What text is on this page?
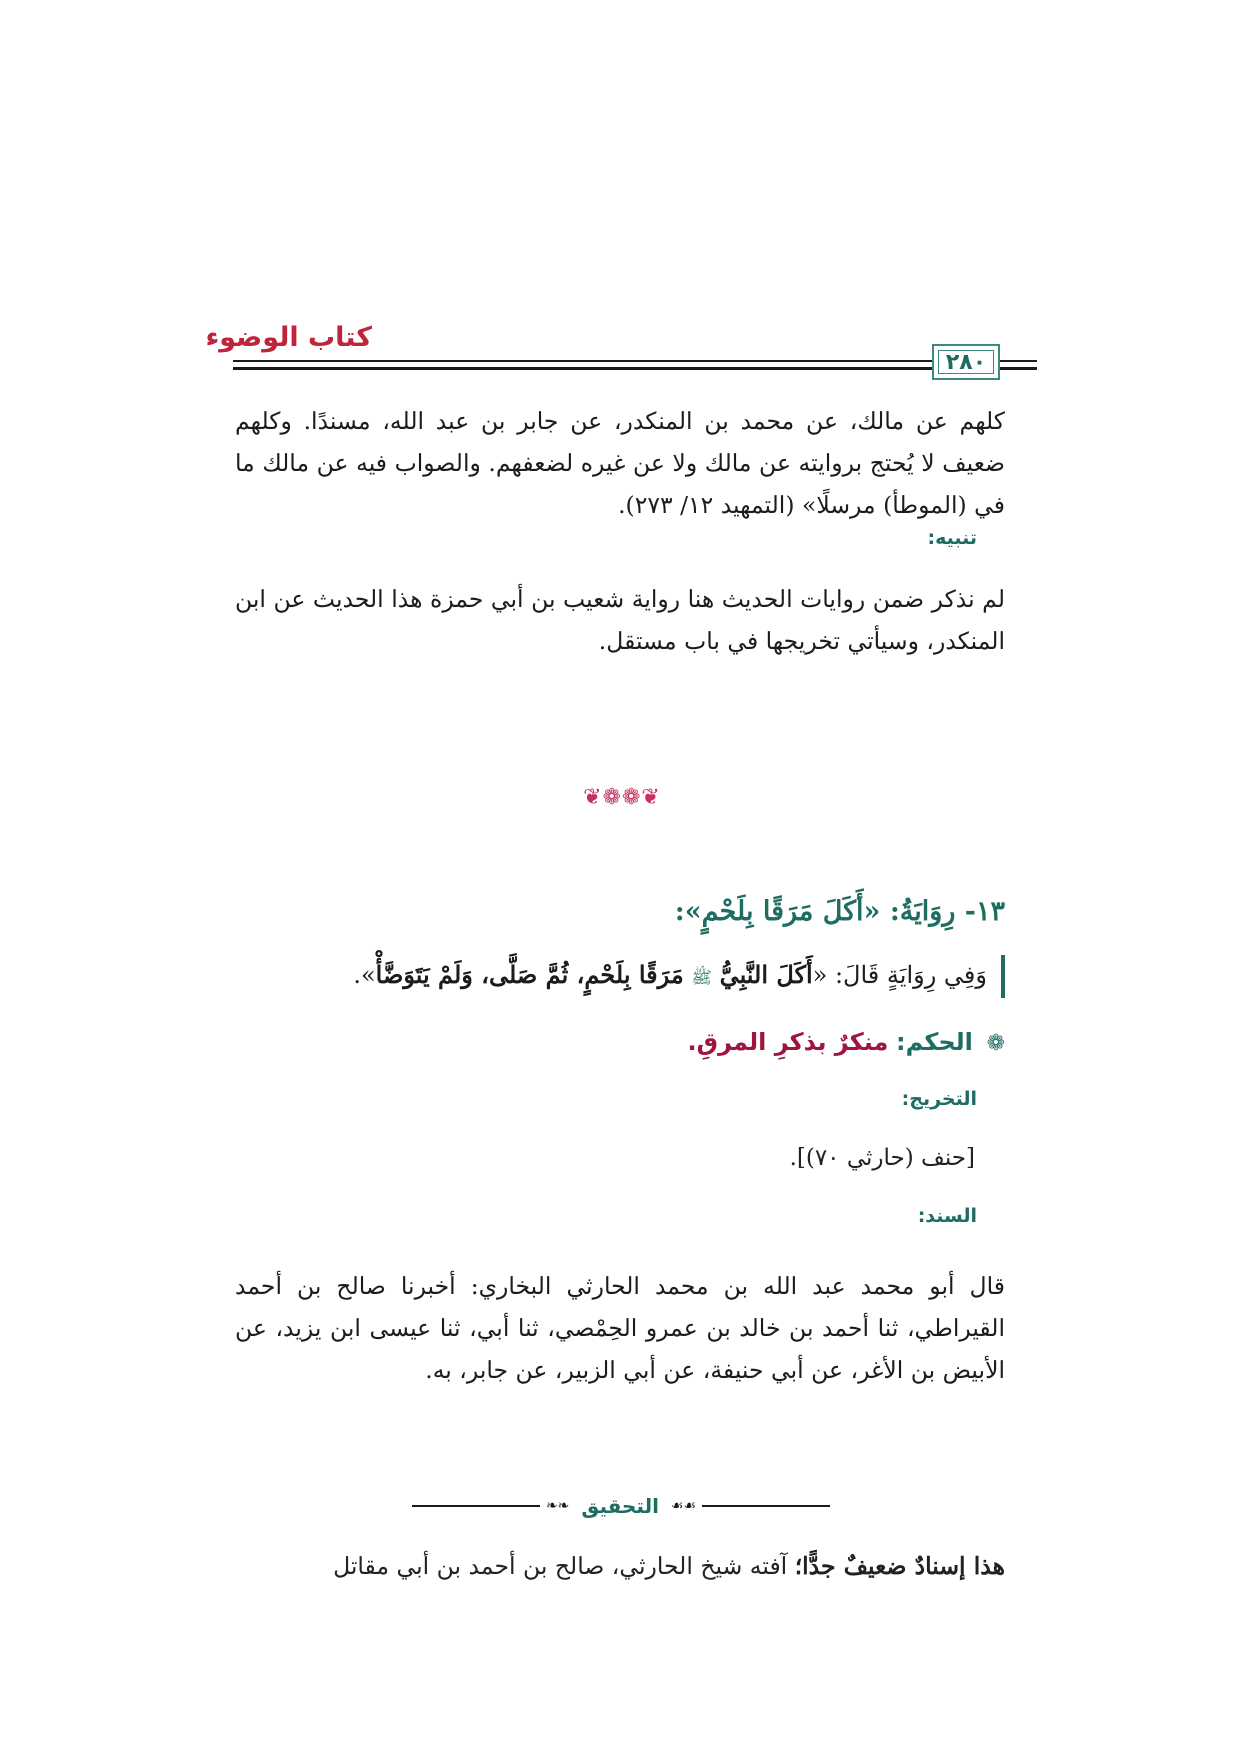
كتاب الوضوء
٢٨٠
كلهم عن مالك، عن محمد بن المنكدر، عن جابر بن عبد الله، مسندًا. وكلهم ضعيف لا يُحتج بروايته عن مالك ولا عن غيره لضعفهم. والصواب فيه عن مالك ما في (الموطأ) مرسلًا» (التمهيد ١٢/ ٢٧٣).
تنبيه:
لم نذكر ضمن روايات الحديث هنا رواية شعيب بن أبي حمزة هذا الحديث عن ابن المنكدر، وسيأتي تخريجها في باب مستقل.
❦❁❁❦
١٣- رِوَايَةُ: «أَكَلَ مَرَقًا بِلَحْمٍ»:
وَفِي رِوَايَةٍ قَالَ: «أَكَلَ النَّبِيُّ ﷺ مَرَقًا بِلَحْمٍ، ثُمَّ صَلَّى، وَلَمْ يَتَوَضَّأْ».
❁ الحكم: منكرٌ بذكرِ المرقِ.
التخريج:
[حنف (حارثي ٧٠)].
السند:
قال أبو محمد عبد الله بن محمد الحارثي البخاري: أخبرنا صالح بن أحمد القيراطي، ثنا أحمد بن خالد بن عمرو الحِمْصي، ثنا أبي، ثنا عيسى ابن يزيد، عن الأبيض بن الأغر، عن أبي حنيفة، عن أبي الزبير، عن جابر، به.
❧❧ التحقيق ☙☙
هذا إسنادٌ ضعيفٌ جدًّا؛ آفته شيخ الحارثي، صالح بن أحمد بن أبي مقاتل
